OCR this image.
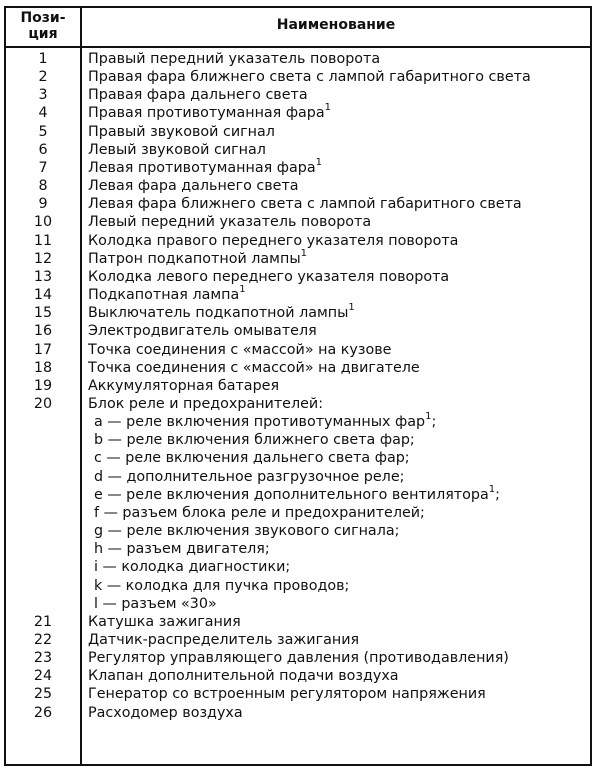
Пози-
ция
Наименование
1	Правый передний указатель поворота
2	Правая фара ближнего света с лампой габаритного света
3	Правая фара дальнего света
4	Правая противотуманная фара$^1$
5	Правый звуковой сигнал
6	Левый звуковой сигнал
7	Левая противотуманная фара$^1$
8	Левая фара дальнего света
9	Левая фара ближнего света с лампой габаритного света
10	Левый передний указатель поворота
11	Колодка правого переднего указателя поворота
12	Патрон подкапотной лампы$^1$
13	Колодка левого переднего указателя поворота
14	Подкапотная лампа$^1$
15	Выключатель подкапотной лампы$^1$
16	Электродвигатель омывателя
17	Точка соединения с «массой» на кузове
18	Точка соединения с «массой» на двигателе
19	Аккумуляторная батарея
20	Блок реле и предохранителей:
a — реле включения противотуманных фар$^1$;
b — реле включения ближнего света фар;
c — реле включения дальнего света фар;
d — дополнительное разгрузочное реле;
e — реле включения дополнительного вентилятора$^1$;
f — разъем блока реле и предохранителей;
g — реле включения звукового сигнала;
h — разъем двигателя;
i — колодка диагностики;
k — колодка для пучка проводов;
l — разъем «30»
21	Катушка зажигания
22	Датчик-распределитель зажигания
23	Регулятор управляющего давления (противодавления)
24	Клапан дополнительной подачи воздуха
25	Генератор со встроенным регулятором напряжения
26	Расходомер воздуха
